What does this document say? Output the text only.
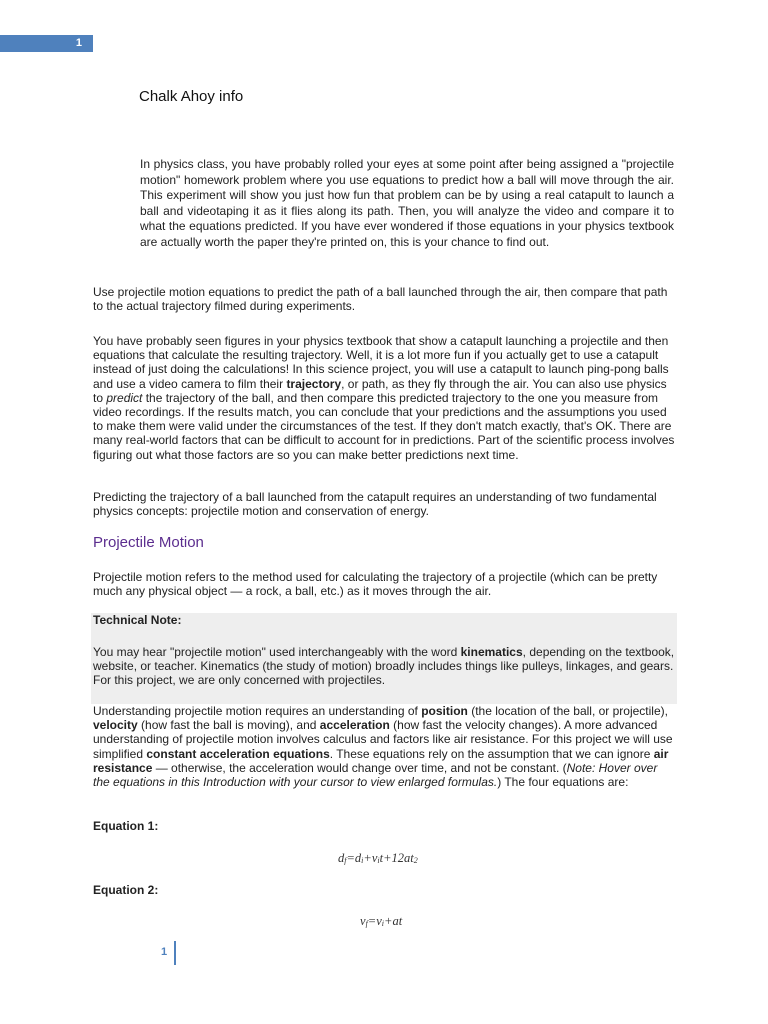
1
Chalk Ahoy info

In physics class, you have probably rolled your eyes at some point after being assigned a "projectile motion" homework problem where you use equations to predict how a ball will move through the air. This experiment will show you just how fun that problem can be by using a real catapult to launch a ball and videotaping it as it flies along its path. Then, you will analyze the video and compare it to what the equations predicted. If you have ever wondered if those equations in your physics textbook are actually worth the paper they're printed on, this is your chance to find out.

Use projectile motion equations to predict the path of a ball launched through the air, then compare that path to the actual trajectory filmed during experiments.

You have probably seen figures in your physics textbook that show a catapult launching a projectile and then equations that calculate the resulting trajectory. Well, it is a lot more fun if you actually get to use a catapult instead of just doing the calculations! In this science project, you will use a catapult to launch ping-pong balls and use a video camera to film their trajectory, or path, as they fly through the air. You can also use physics to predict the trajectory of the ball, and then compare this predicted trajectory to the one you measure from video recordings. If the results match, you can conclude that your predictions and the assumptions you used to make them were valid under the circumstances of the test. If they don't match exactly, that's OK. There are many real-world factors that can be difficult to account for in predictions. Part of the scientific process involves figuring out what those factors are so you can make better predictions next time.

Predicting the trajectory of a ball launched from the catapult requires an understanding of two fundamental physics concepts: projectile motion and conservation of energy.

Projectile Motion

Projectile motion refers to the method used for calculating the trajectory of a projectile (which can be pretty much any physical object — a rock, a ball, etc.) as it moves through the air.

Technical Note:

You may hear "projectile motion" used interchangeably with the word kinematics, depending on the textbook, website, or teacher. Kinematics (the study of motion) broadly includes things like pulleys, linkages, and gears. For this project, we are only concerned with projectiles.

Understanding projectile motion requires an understanding of position (the location of the ball, or projectile), velocity (how fast the ball is moving), and acceleration (how fast the velocity changes). A more advanced understanding of projectile motion involves calculus and factors like air resistance. For this project we will use simplified constant acceleration equations. These equations rely on the assumption that we can ignore air resistance — otherwise, the acceleration would change over time, and not be constant. (Note: Hover over the equations in this Introduction with your cursor to view enlarged formulas.) The four equations are:

Equation 1:

$d_f=d_i+v_it+12at_2$

Equation 2:

$v_f=v_i+at$
1
